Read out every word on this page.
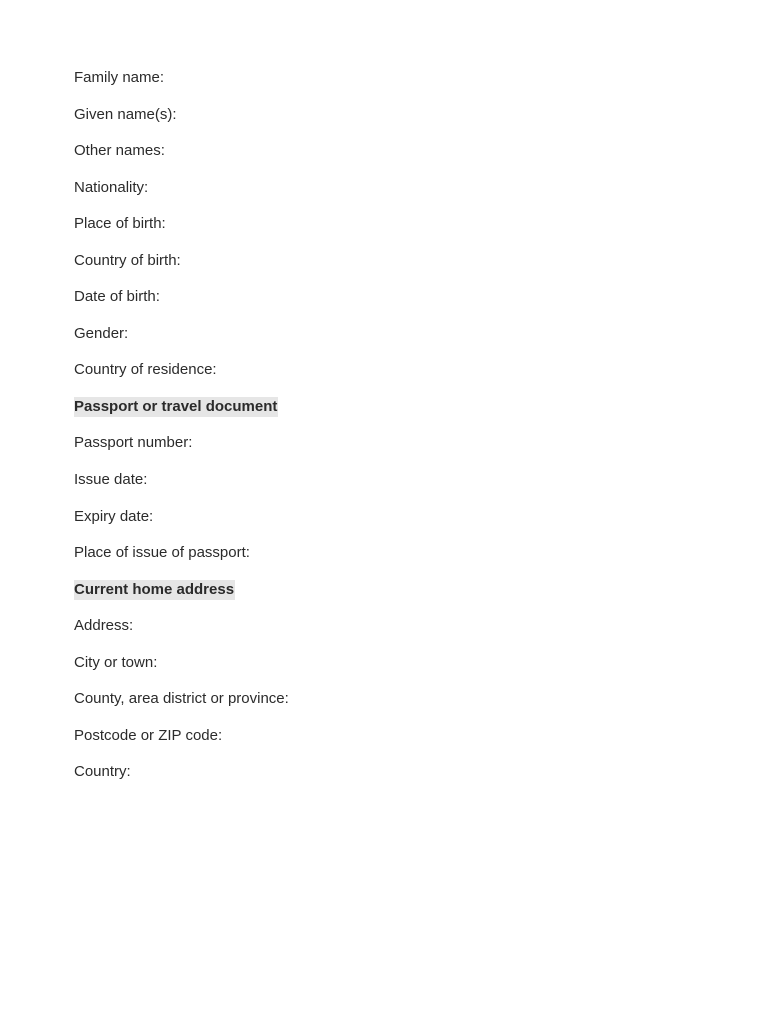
Family name:
Given name(s):
Other names:
Nationality:
Place of birth:
Country of birth:
Date of birth:
Gender:
Country of residence:
Passport or travel document
Passport number:
Issue date:
Expiry date:
Place of issue of passport:
Current home address
Address:
City or town:
County, area district or province:
Postcode or ZIP code:
Country:
